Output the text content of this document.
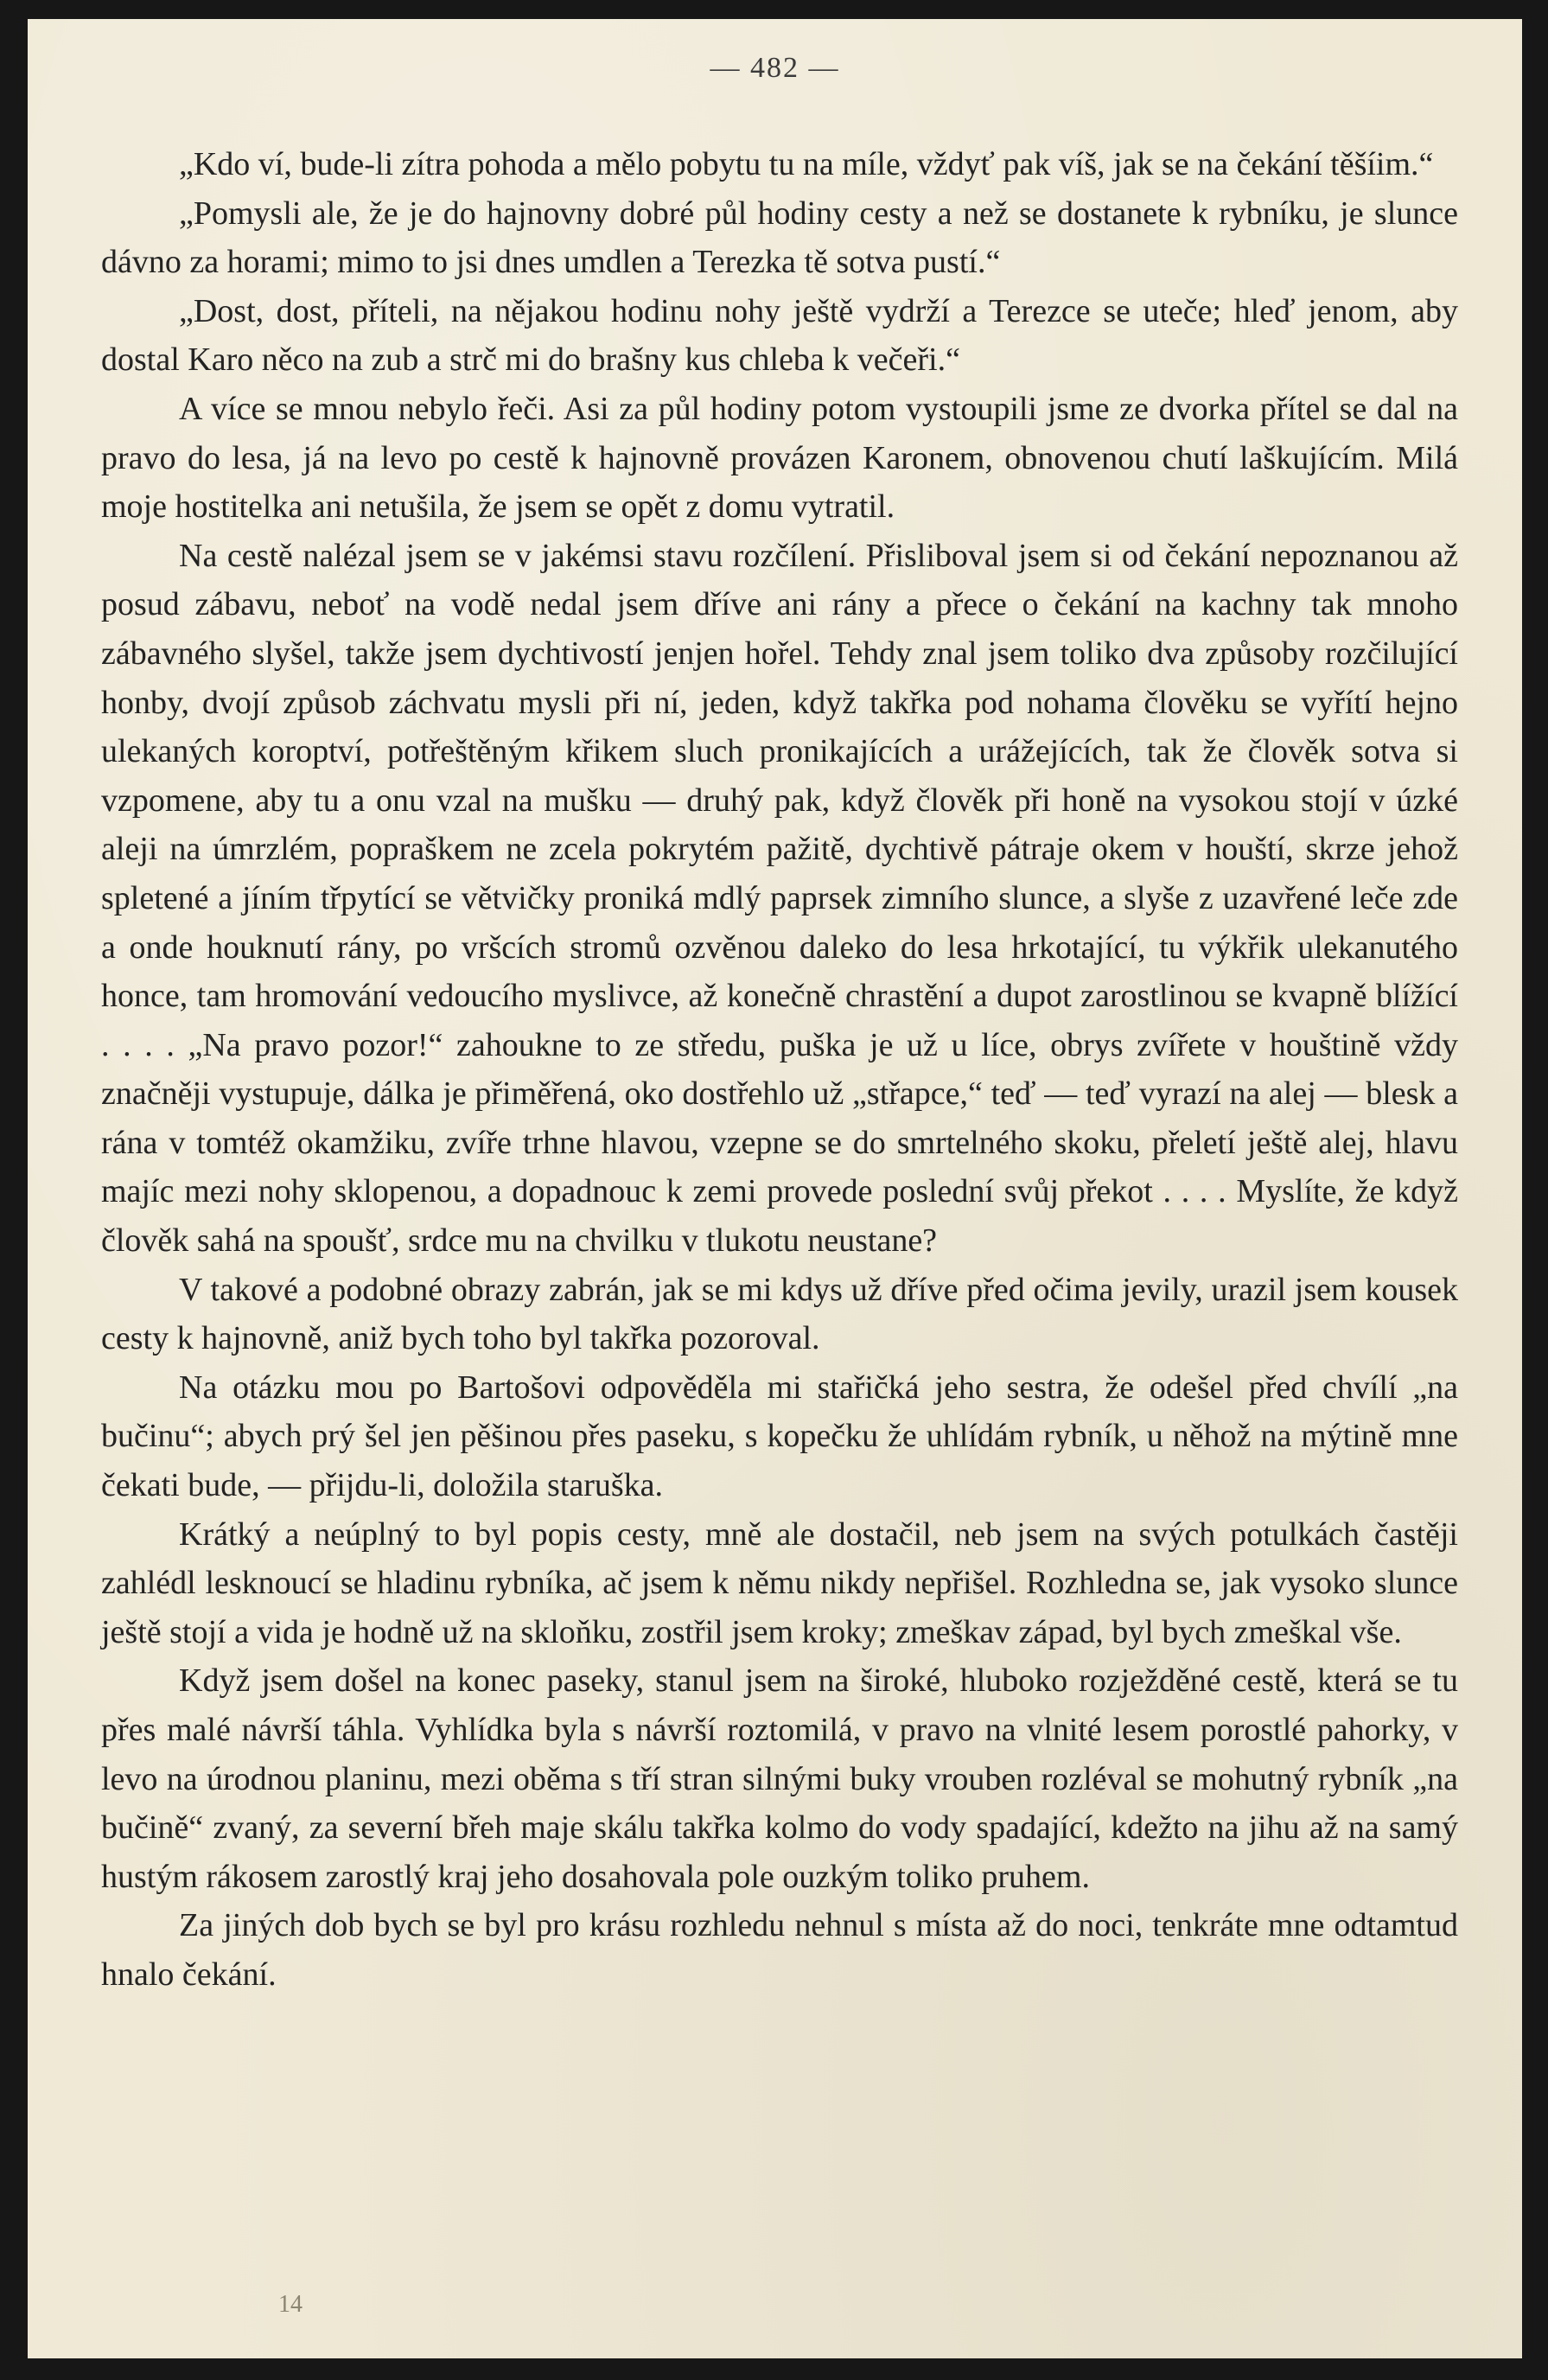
— 482 —

„Kdo ví, bude-li zítra pohoda a mělo pobytu tu na míle, vždyť pak víš, jak se na čekání těšíim.“

„Pomysli ale, že je do hajnovny dobré půl hodiny cesty a než se dostanete k rybníku, je slunce dávno za horami; mimo to jsi dnes umdlen a Terezka tě sotva pustí.“

„Dost, dost, příteli, na nějakou hodinu nohy ještě vydrží a Terezce se uteče; hleď jenom, aby dostal Karo něco na zub a strč mi do brašny kus chleba k večeři.“

A více se mnou nebylo řeči. Asi za půl hodiny potom vystoupili jsme ze dvorka přítel se dal na pravo do lesa, já na levo po cestě k hajnovně provázen Karonem, obnovenou chutí laškujícím. Milá moje hostitelka ani netušila, že jsem se opět z domu vytratil.

Na cestě nalézal jsem se v jakémsi stavu rozčílení. Přisliboval jsem si od čekání nepoznanou až posud zábavu, neboť na vodě nedal jsem dříve ani rány a přece o čekání na kachny tak mnoho zábavného slyšel, takže jsem dychtivostí jenjen hořel. Tehdy znal jsem toliko dva způsoby rozčilující honby, dvojí způsob záchvatu mysli při ní, jeden, když takřka pod nohama člověku se vyřítí hejno ulekaných koroptví, potřeštěným křikem sluch pronikajících a urážejících, tak že člověk sotva si vzpomene, aby tu a onu vzal na mušku — druhý pak, když člověk při honě na vysokou stojí v úzké aleji na úmrzlém, popraškem ne zcela pokrytém pažitě, dychtivě pátraje okem v houští, skrze jehož spletené a jíním třpytící se větvičky proniká mdlý paprsek zimního slunce, a slyše z uzavřené leče zde a onde houknutí rány, po vršcích stromů ozvěnou daleko do lesa hrkotající, tu výkřik ulekanutého honce, tam hromování vedoucího myslivce, až konečně chrastění a dupot zarostlinou se kvapně blížící . . . . „Na pravo pozor!“ zahoukne to ze středu, puška je už u líce, obrys zvířete v houštině vždy značněji vystupuje, dálka je přiměřená, oko dostřehlo už „střapce,“ teď — teď vyrazí na alej — blesk a rána v tomtéž okamžiku, zvíře trhne hlavou, vzepne se do smrtelného skoku, přeletí ještě alej, hlavu majíc mezi nohy sklopenou, a dopadnouc k zemi provede poslední svůj překot . . . . Myslíte, že když člověk sahá na spoušť, srdce mu na chvilku v tlukotu neustane?

V takové a podobné obrazy zabrán, jak se mi kdys už dříve před očima jevily, urazil jsem kousek cesty k hajnovně, aniž bych toho byl takřka pozoroval.

Na otázku mou po Bartošovi odpověděla mi stařičká jeho sestra, že odešel před chvílí „na bučinu“; abych prý šel jen pěšinou přes paseku, s kopečku že uhlídám rybník, u něhož na mýtině mne čekati bude, — přijdu-li, doložila staruška.

Krátký a neúplný to byl popis cesty, mně ale dostačil, neb jsem na svých potulkách častěji zahlédl lesknoucí se hladinu rybníka, ač jsem k němu nikdy nepřišel. Rozhledna se, jak vysoko slunce ještě stojí a vida je hodně už na skloňku, zostřil jsem kroky; zmeškav západ, byl bych zmeškal vše.

Když jsem došel na konec paseky, stanul jsem na široké, hluboko rozježděné cestě, která se tu přes malé návrší táhla. Vyhlídka byla s návrší roztomilá, v pravo na vlnité lesem porostlé pahorky, v levo na úrodnou planinu, mezi oběma s tří stran silnými buky vrouben rozléval se mohutný rybník „na bučině“ zvaný, za severní břeh maje skálu takřka kolmo do vody spadající, kdežto na jihu až na samý hustým rákosem zarostlý kraj jeho dosahovala pole ouzkým toliko pruhem.

Za jiných dob bych se byl pro krásu rozhledu nehnul s místa až do noci, tenkráte mne odtamtud hnalo čekání.

14
